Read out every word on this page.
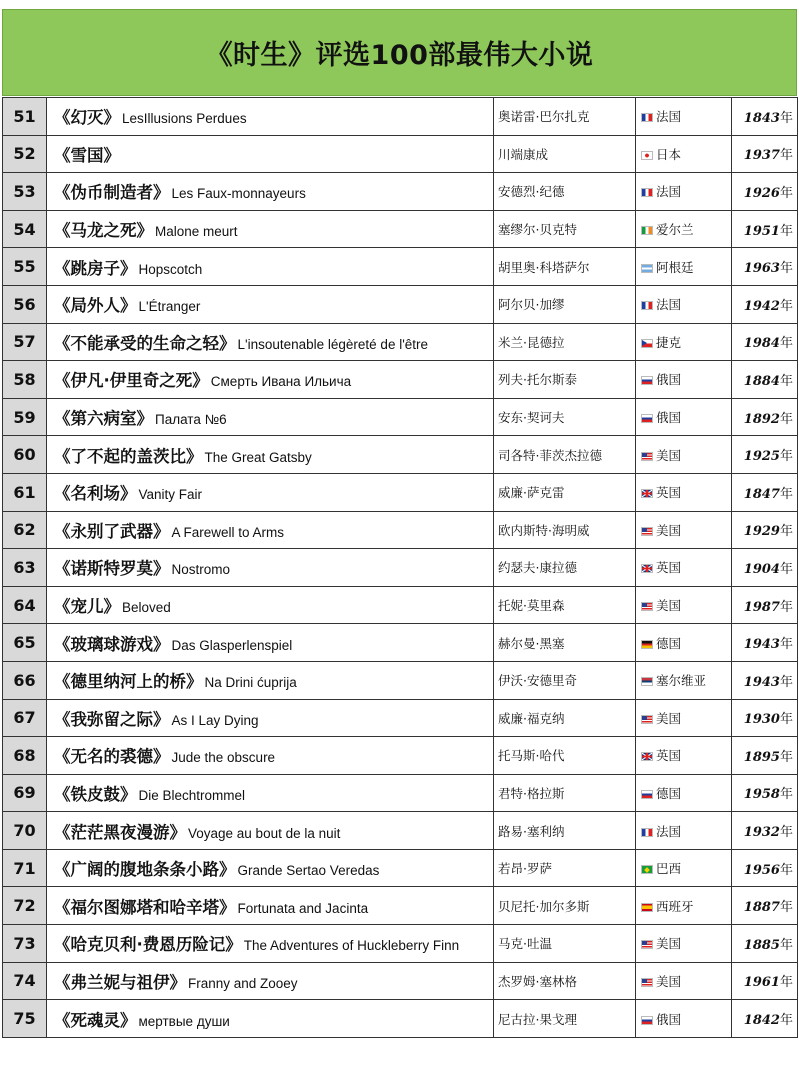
《时生》评选100部最伟大小说
51	《幻灭》 LesIllusions Perdues	奥诺雷·巴尔扎克	法国	1843年
52	《雪国》	川端康成	日本	1937年
53	《伪币制造者》 Les Faux-monnayeurs	安德烈·纪德	法国	1926年
54	《马龙之死》 Malone meurt	塞缪尔·贝克特	爱尔兰	1951年
55	《跳房子》 Hopscotch	胡里奥·科塔萨尔	阿根廷	1963年
56	《局外人》 L'Étranger	阿尔贝·加缪	法国	1942年
57	《不能承受的生命之轻》 L'insoutenable légèreté de l'être	米兰·昆德拉	捷克	1984年
58	《伊凡·伊里奇之死》 Смерть Ивана Ильича	列夫·托尔斯泰	俄国	1884年
59	《第六病室》 Палата №6	安东·契诃夫	俄国	1892年
60	《了不起的盖茨比》 The Great Gatsby	司各特·菲茨杰拉德	美国	1925年
61	《名利场》 Vanity Fair	威廉·萨克雷	英国	1847年
62	《永别了武器》 A Farewell to Arms	欧内斯特·海明威	美国	1929年
63	《诺斯特罗莫》 Nostromo	约瑟夫·康拉德	英国	1904年
64	《宠儿》 Beloved	托妮·莫里森	美国	1987年
65	《玻璃球游戏》 Das Glasperlenspiel	赫尔曼·黑塞	德国	1943年
66	《德里纳河上的桥》 Na Drini ćuprija	伊沃·安德里奇	塞尔维亚	1943年
67	《我弥留之际》 As I Lay Dying	威廉·福克纳	美国	1930年
68	《无名的裘德》 Jude the obscure	托马斯·哈代	英国	1895年
69	《铁皮鼓》 Die Blechtrommel	君特·格拉斯	德国	1958年
70	《茫茫黑夜漫游》 Voyage au bout de la nuit	路易·塞利纳	法国	1932年
71	《广阔的腹地条条小路》 Grande Sertao Veredas	若昂·罗萨	巴西	1956年
72	《福尔图娜塔和哈辛塔》 Fortunata and Jacinta	贝尼托·加尔多斯	西班牙	1887年
73	《哈克贝利·费恩历险记》 The Adventures of Huckleberry Finn	马克·吐温	美国	1885年
74	《弗兰妮与祖伊》 Franny and Zooey	杰罗姆·塞林格	美国	1961年
75	《死魂灵》 мертвые души	尼古拉·果戈理	俄国	1842年
